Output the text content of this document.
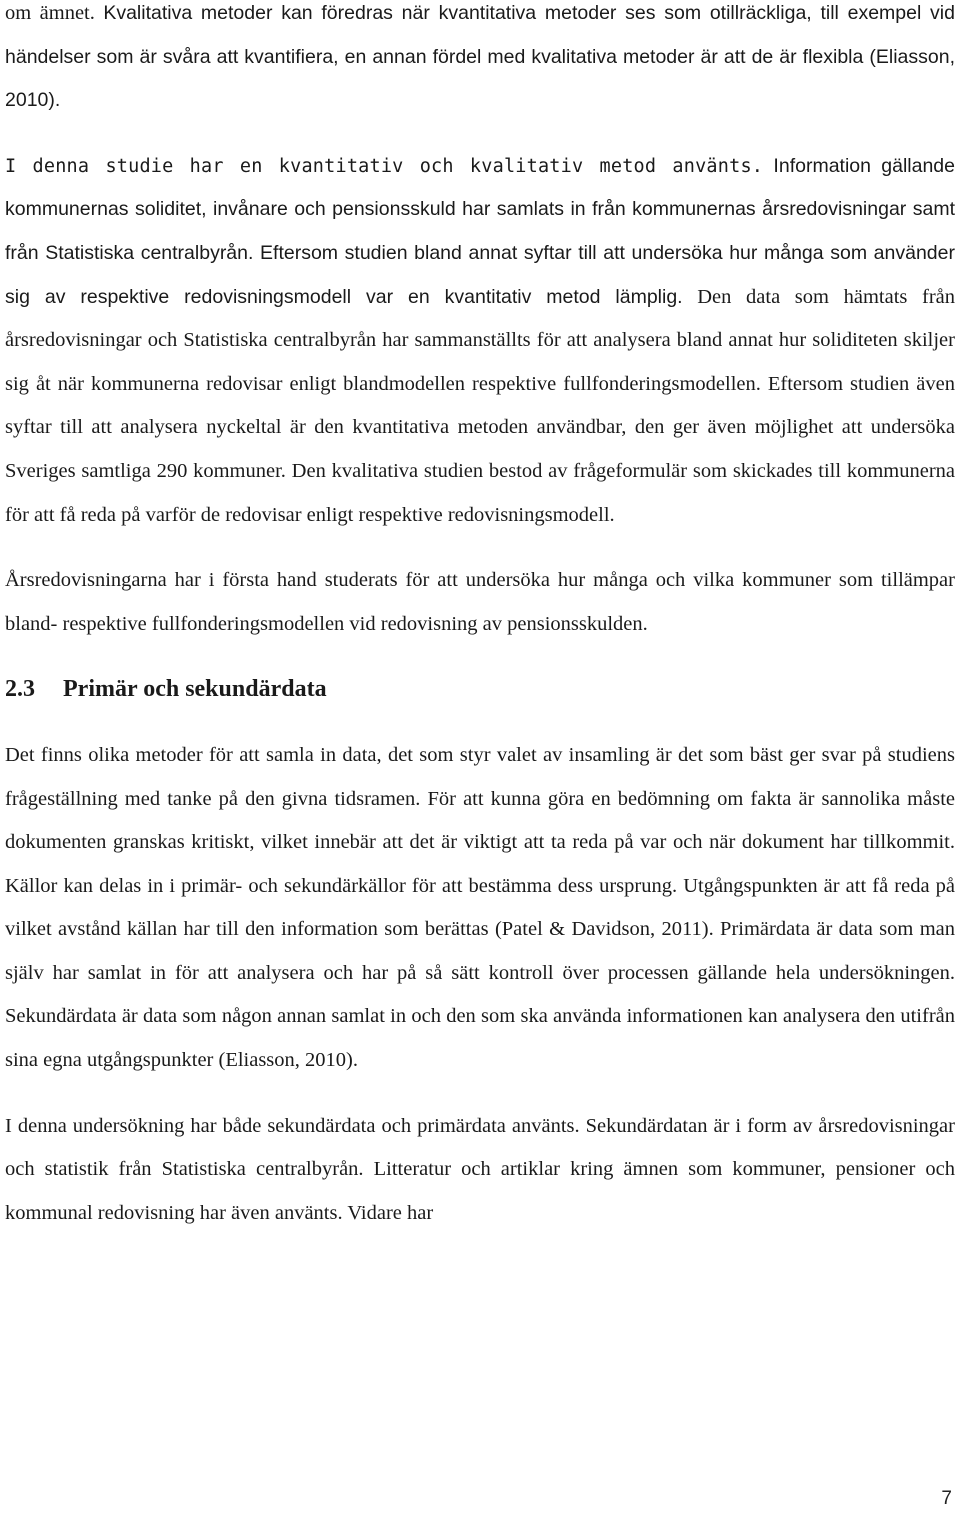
om ämnet. Kvalitativa metoder kan föredras när kvantitativa metoder ses som otillräckliga, till exempel vid händelser som är svåra att kvantifiera, en annan fördel med kvalitativa metoder är att de är flexibla (Eliasson, 2010).

I denna studie har en kvantitativ och kvalitativ metod använts. Information gällande kommunernas soliditet, invånare och pensionsskuld har samlats in från kommunernas årsredovisningar samt från Statistiska centralbyrån. Eftersom studien bland annat syftar till att undersöka hur många som använder sig av respektive redovisningsmodell var en kvantitativ metod lämplig. Den data som hämtats från årsredovisningar och Statistiska centralbyrån har sammanställts för att analysera bland annat hur soliditeten skiljer sig åt när kommunerna redovisar enligt blandmodellen respektive fullfonderingsmodellen. Eftersom studien även syftar till att analysera nyckeltal är den kvantitativa metoden användbar, den ger även möjlighet att undersöka Sveriges samtliga 290 kommuner. Den kvalitativa studien bestod av frågeformulär som skickades till kommunerna för att få reda på varför de redovisar enligt respektive redovisningsmodell.

Årsredovisningarna har i första hand studerats för att undersöka hur många och vilka kommuner som tillämpar bland- respektive fullfonderingsmodellen vid redovisning av pensionsskulden.

2.3 Primär och sekundärdata

Det finns olika metoder för att samla in data, det som styr valet av insamling är det som bäst ger svar på studiens frågeställning med tanke på den givna tidsramen. För att kunna göra en bedömning om fakta är sannolika måste dokumenten granskas kritiskt, vilket innebär att det är viktigt att ta reda på var och när dokument har tillkommit. Källor kan delas in i primär- och sekundärkällor för att bestämma dess ursprung. Utgångspunkten är att få reda på vilket avstånd källan har till den information som berättas (Patel & Davidson, 2011). Primärdata är data som man själv har samlat in för att analysera och har på så sätt kontroll över processen gällande hela undersökningen. Sekundärdata är data som någon annan samlat in och den som ska använda informationen kan analysera den utifrån sina egna utgångspunkter (Eliasson, 2010).

I denna undersökning har både sekundärdata och primärdata använts. Sekundärdatan är i form av årsredovisningar och statistik från Statistiska centralbyrån. Litteratur och artiklar kring ämnen som kommuner, pensioner och kommunal redovisning har även använts. Vidare har

7
